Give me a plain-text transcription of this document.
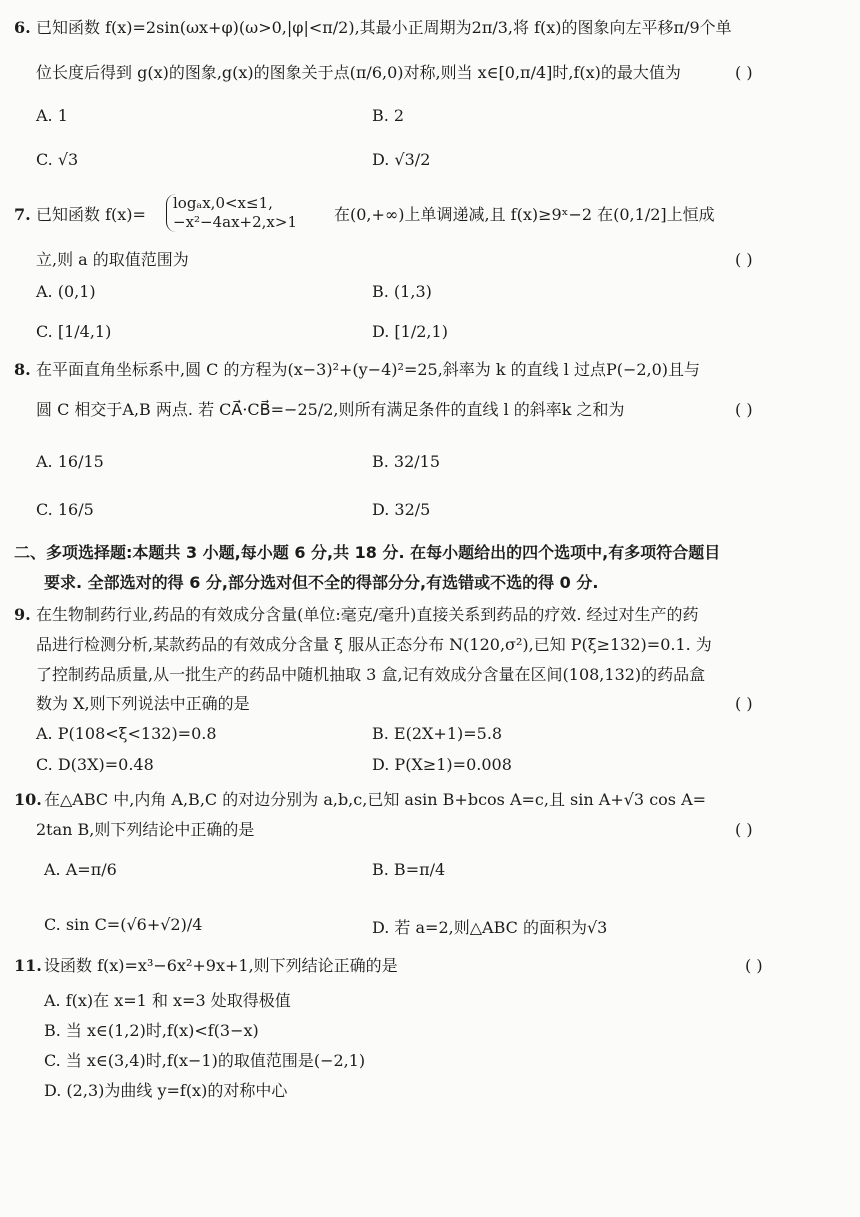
6. 已知函数 f(x)=2sin(ωx+φ)(ω>0,|φ|<π/2),其最小正周期为2π/3,将 f(x)的图象向左平移π/9个单
位长度后得到 g(x)的图象,g(x)的图象关于点(π/6,0)对称,则当 x∈[0,π/4]时,f(x)的最大值为	( )
A. 1	B. 2
C. √3	D. √3/2
7. 已知函数 f(x)=
logₐx,0<x≤1,
−x²−4ax+2,x>1 在(0,+∞)上单调递减,且 f(x)≥9ˣ−2 在(0,1/2]上恒成
立,则 a 的取值范围为	( )
A. (0,1)	B. (1,3)
C. [1/4,1)	D. [1/2,1)
8. 在平面直角坐标系中,圆 C 的方程为(x−3)²+(y−4)²=25,斜率为 k 的直线 l 过点P(−2,0)且与
圆 C 相交于A,B 两点. 若 CA⃗·CB⃗=−25/2,则所有满足条件的直线 l 的斜率k 之和为	( )
A. 16/15	B. 32/15
C. 16/5	D. 32/5
二、多项选择题:本题共 3 小题,每小题 6 分,共 18 分. 在每小题给出的四个选项中,有多项符合题目
要求. 全部选对的得 6 分,部分选对但不全的得部分分,有选错或不选的得 0 分.
9. 在生物制药行业,药品的有效成分含量(单位:毫克/毫升)直接关系到药品的疗效. 经过对生产的药
品进行检测分析,某款药品的有效成分含量 ξ 服从正态分布 N(120,σ²),已知 P(ξ≥132)=0.1. 为
了控制药品质量,从一批生产的药品中随机抽取 3 盒,记有效成分含量在区间(108,132)的药品盒
数为 X,则下列说法中正确的是	( )
A. P(108<ξ<132)=0.8	B. E(2X+1)=5.8
C. D(3X)=0.48	D. P(X≥1)=0.008
10. 在△ABC 中,内角 A,B,C 的对边分别为 a,b,c,已知 asin B+bcos A=c,且 sin A+√3 cos A=
2tan B,则下列结论中正确的是	( )
A. A=π/6	B. B=π/4
C. sin C=(√6+√2)/4	D. 若 a=2,则△ABC 的面积为√3
11. 设函数 f(x)=x³−6x²+9x+1,则下列结论正确的是	( )
A. f(x)在 x=1 和 x=3 处取得极值
B. 当 x∈(1,2)时,f(x)<f(3−x)
C. 当 x∈(3,4)时,f(x−1)的取值范围是(−2,1)
D. (2,3)为曲线 y=f(x)的对称中心
